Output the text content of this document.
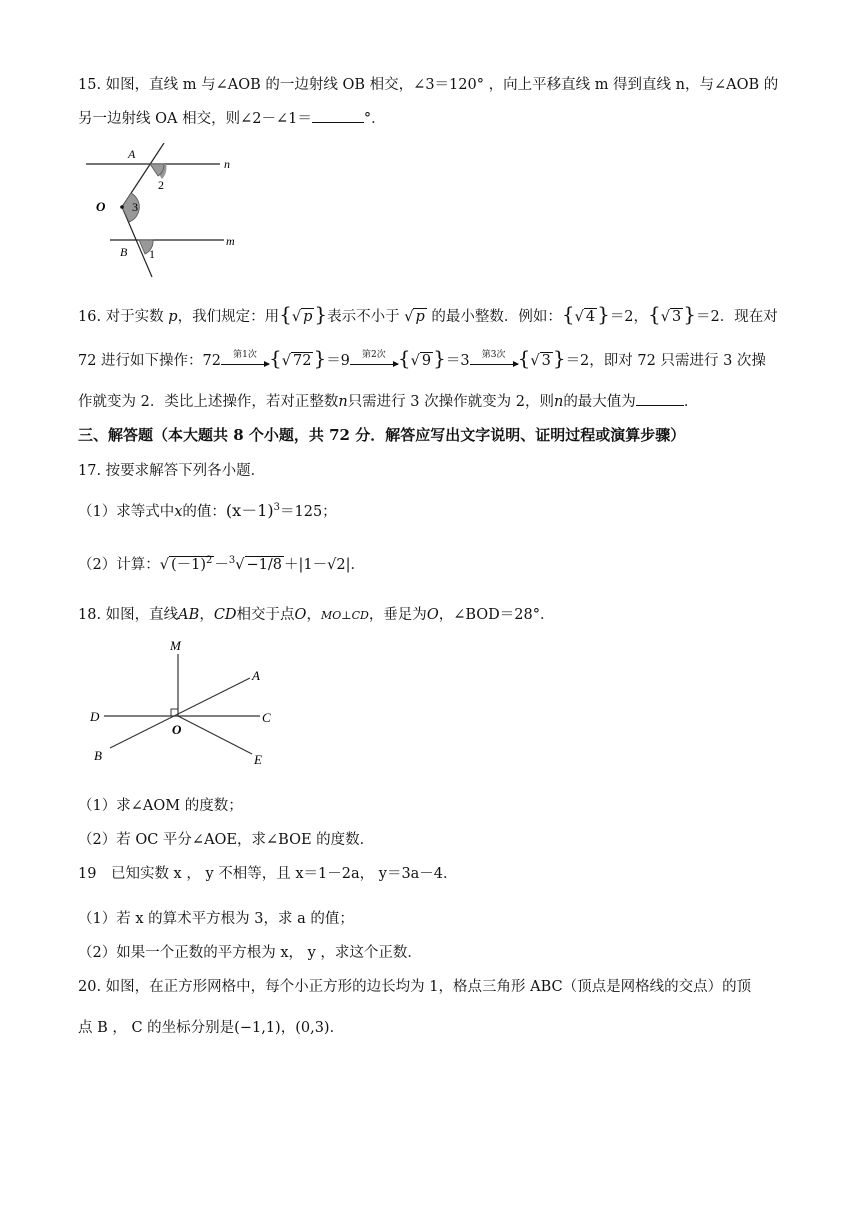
15. 如图，直线 m 与∠AOB 的一边射线 OB 相交，∠3＝120° ，向上平移直线 m 得到直线 n，与∠AOB 的
另一边射线 OA 相交，则∠2－∠1＝	°．
A
n
2
O 3
B 1
m
16. 对于实数 p，我们规定：用{√ p }表示不小于 √ p 的最小整数．例如：{√ 4 }＝2，{√ 3 }＝2．现在对
72 进行如下操作：72	第1次 {√ 72 }＝9	第2次 {√ 9 }＝3	第3次 {√ 3 }＝2，即对 72 只需进行 3 次操
作就变为 2．类比上述操作，若对正整数n只需进行 3 次操作就变为 2，则n的最大值为	．
三、解答题（本大题共 8 个小题，共 72 分．解答应写出文字说明、证明过程或演算步骤）
17. 按要求解答下列各小题．
（1）求等式中x的值：$(x-1)^3=125$；
（2）计算：√ $(-1)^2 -^3√ -1/8 +|1-√2|$．
18. 如图，直线AB，CD相交于点O，MO⊥CD，垂足为O，∠BOD＝28°．
M
A
D	C
O
B	E
（1）求∠AOM 的度数；
（2）若 OC 平分∠AOE，求∠BOE 的度数．
19　已知实数 x ， y 不相等，且 x＝1－2a， y＝3a－4．
（1）若 x 的算术平方根为 3，求 a 的值；
（2）如果一个正数的平方根为 x， y ，求这个正数．
20. 如图，在正方形网格中，每个小正方形的边长均为 1，格点三角形 ABC（顶点是网格线的交点）的顶
点 B ， C 的坐标分别是(−1,1)，(0,3)．
